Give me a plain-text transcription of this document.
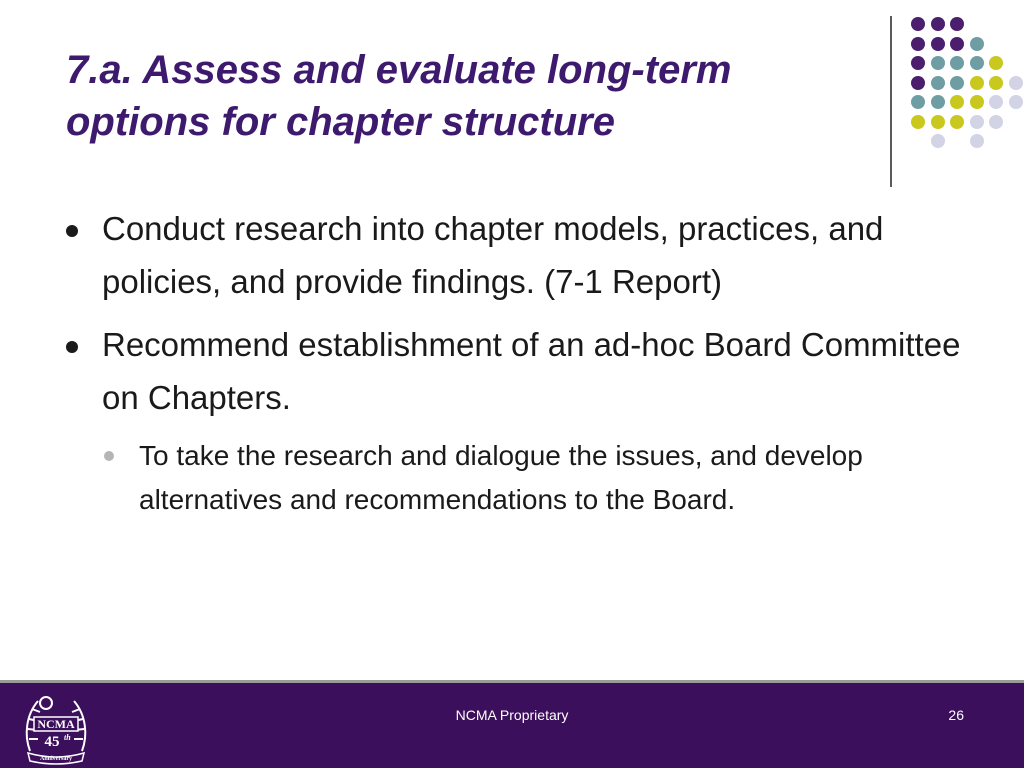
7.a. Assess and evaluate long-term options for chapter structure
Conduct research into chapter models, practices, and policies, and provide findings. (7-1 Report)
Recommend establishment of an ad-hoc Board Committee on Chapters.
To take the research and dialogue the issues, and develop alternatives and recommendations to the Board.
NCMA
45 th
Anniversary
NCMA Proprietary	26
